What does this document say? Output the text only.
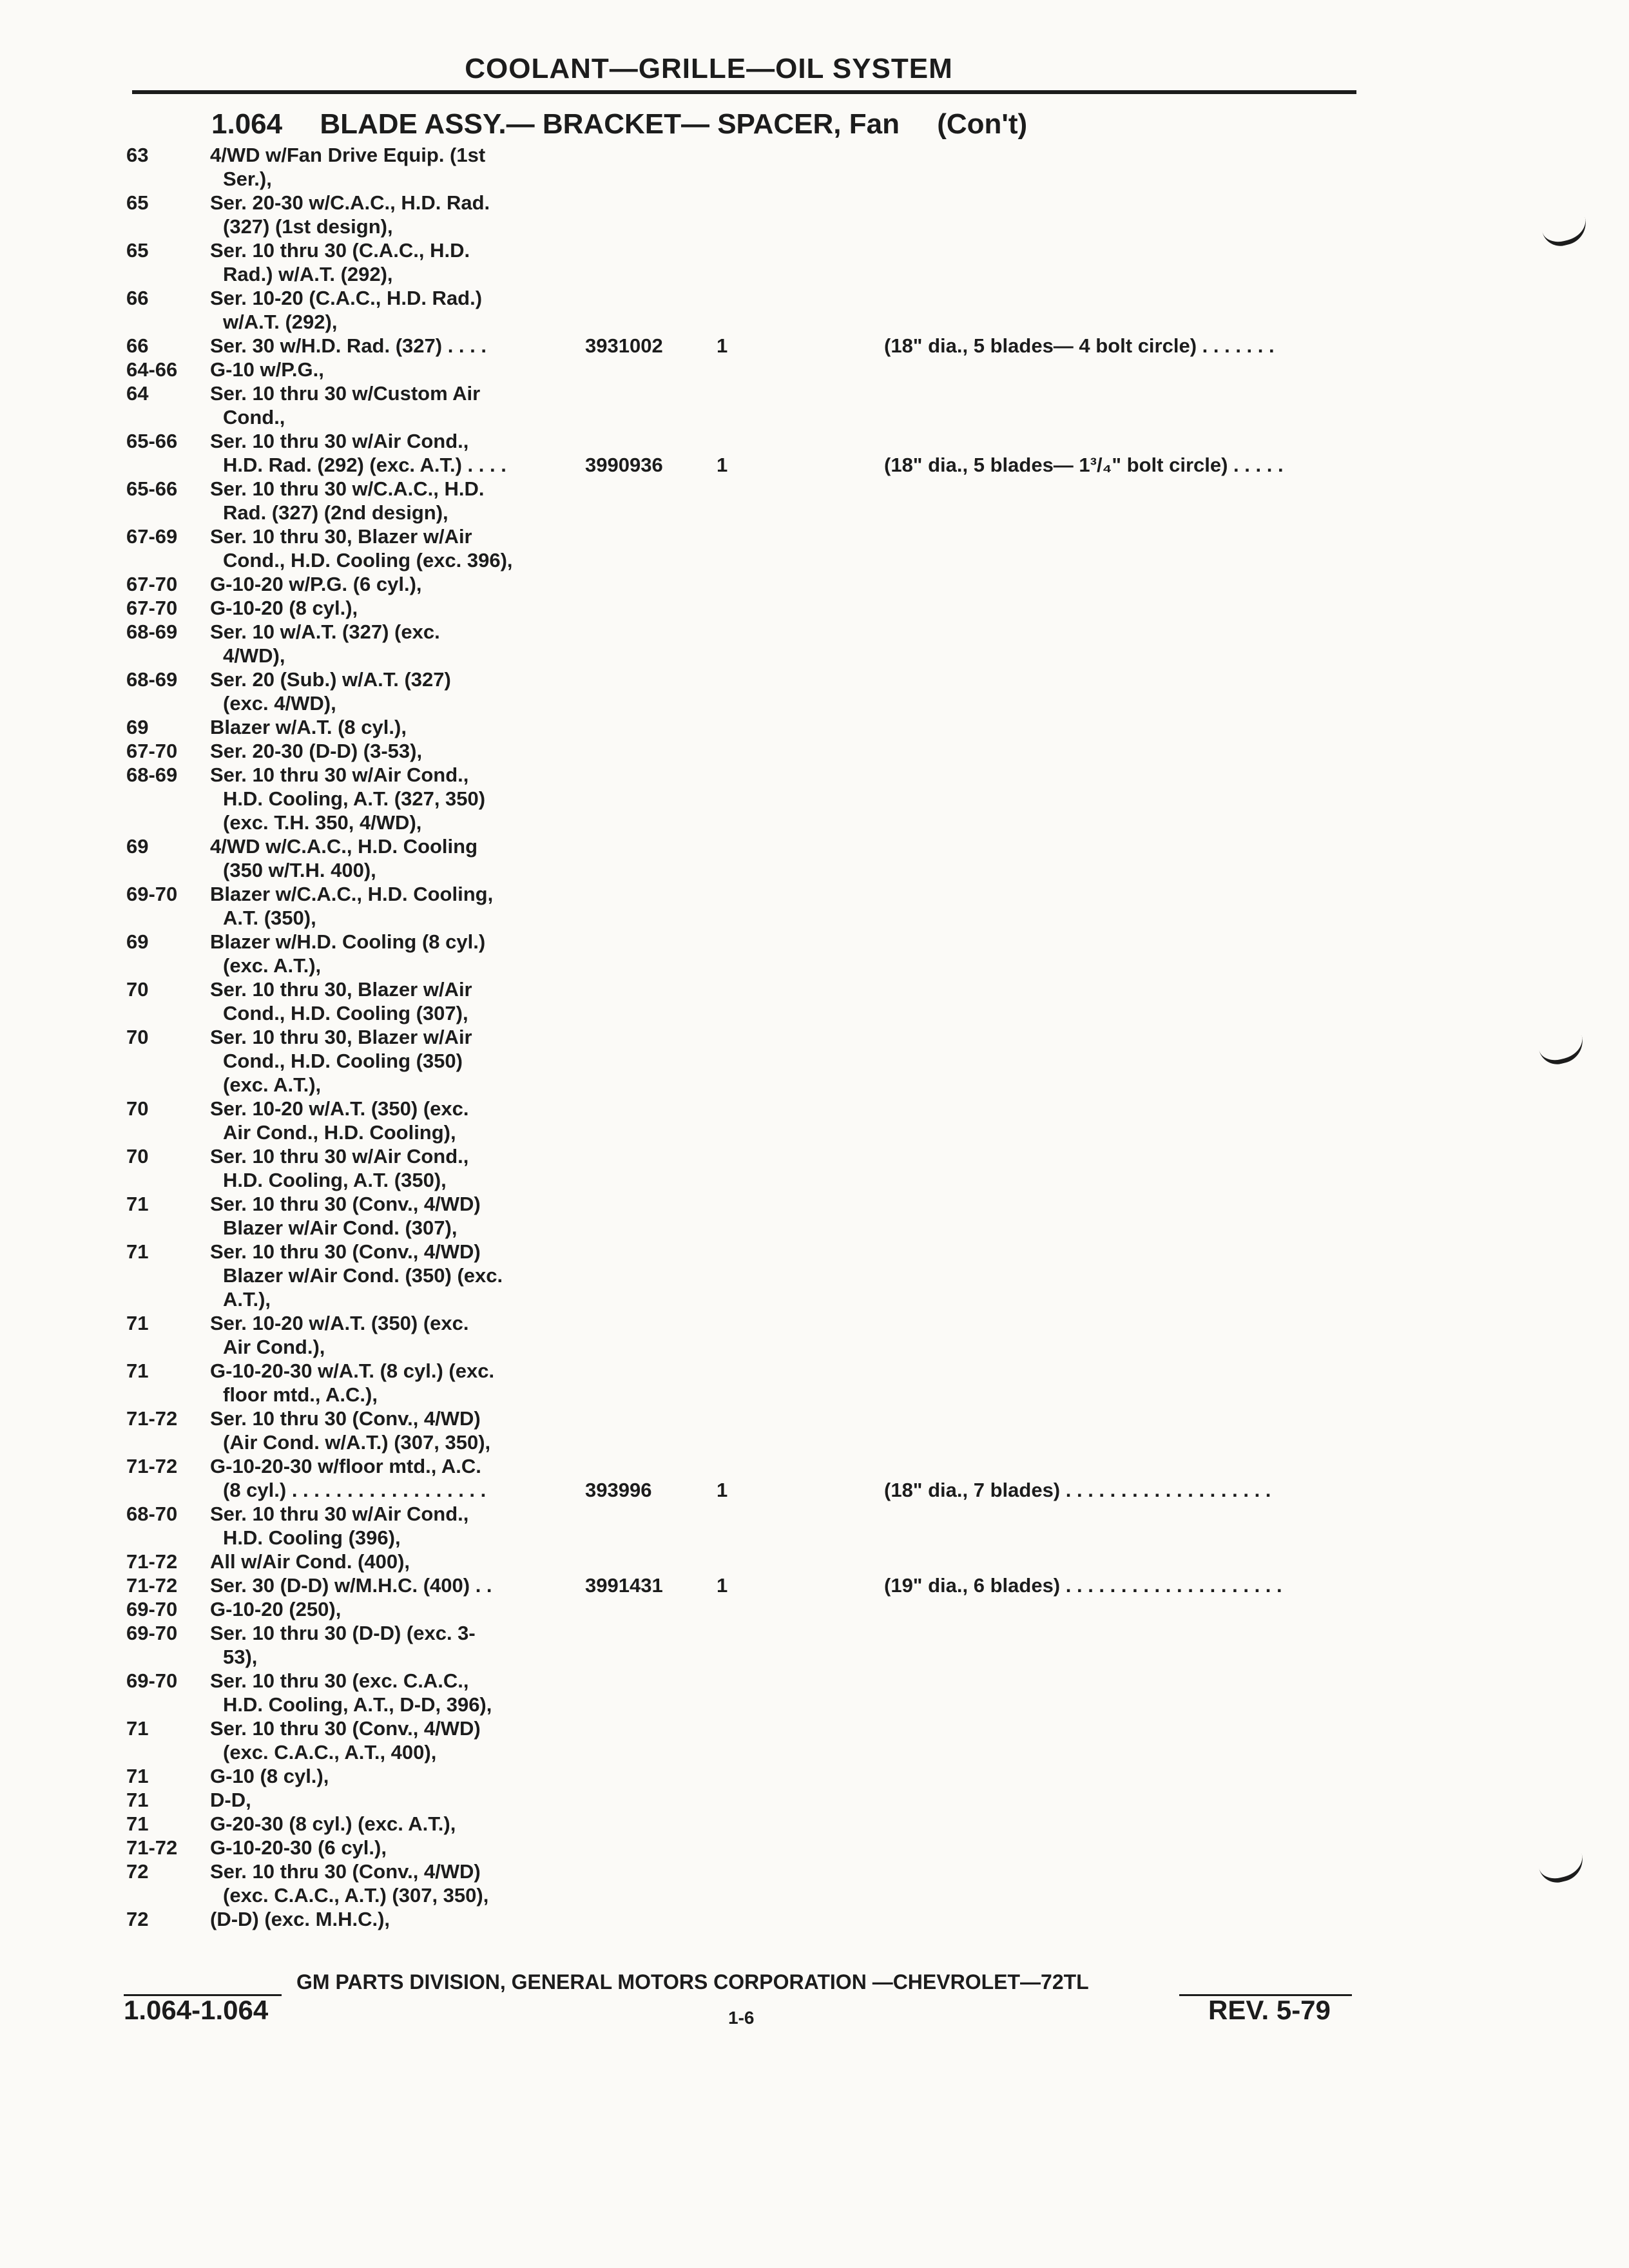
COOLANT—GRILLE—OIL SYSTEM
1.064 BLADE ASSY.— BRACKET— SPACER, Fan (Con't)
63	4/WD w/Fan Drive Equip. (1st
Ser.),
65	Ser. 20-30 w/C.A.C., H.D. Rad.
(327) (1st design),
65	Ser. 10 thru 30 (C.A.C., H.D.
Rad.) w/A.T. (292),
66	Ser. 10-20 (C.A.C., H.D. Rad.)
w/A.T. (292),
66	Ser. 30 w/H.D. Rad. (327) . . . .	3931002	1	(18" dia., 5 blades— 4 bolt circle) . . . . . . .
64-66	G-10 w/P.G.,
64	Ser. 10 thru 30 w/Custom Air
Cond.,
65-66	Ser. 10 thru 30 w/Air Cond.,
H.D. Rad. (292) (exc. A.T.) . . . .	3990936	1	(18" dia., 5 blades— 1³/₄" bolt circle) . . . . .
65-66	Ser. 10 thru 30 w/C.A.C., H.D.
Rad. (327) (2nd design),
67-69	Ser. 10 thru 30, Blazer w/Air
Cond., H.D. Cooling (exc. 396),
67-70	G-10-20 w/P.G. (6 cyl.),
67-70	G-10-20 (8 cyl.),
68-69	Ser. 10 w/A.T. (327) (exc.
4/WD),
68-69	Ser. 20 (Sub.) w/A.T. (327)
(exc. 4/WD),
69	Blazer w/A.T. (8 cyl.),
67-70	Ser. 20-30 (D-D) (3-53),
68-69	Ser. 10 thru 30 w/Air Cond.,
H.D. Cooling, A.T. (327, 350)
(exc. T.H. 350, 4/WD),
69	4/WD w/C.A.C., H.D. Cooling
(350 w/T.H. 400),
69-70	Blazer w/C.A.C., H.D. Cooling,
A.T. (350),
69	Blazer w/H.D. Cooling (8 cyl.)
(exc. A.T.),
70	Ser. 10 thru 30, Blazer w/Air
Cond., H.D. Cooling (307),
70	Ser. 10 thru 30, Blazer w/Air
Cond., H.D. Cooling (350)
(exc. A.T.),
70	Ser. 10-20 w/A.T. (350) (exc.
Air Cond., H.D. Cooling),
70	Ser. 10 thru 30 w/Air Cond.,
H.D. Cooling, A.T. (350),
71	Ser. 10 thru 30 (Conv., 4/WD)
Blazer w/Air Cond. (307),
71	Ser. 10 thru 30 (Conv., 4/WD)
Blazer w/Air Cond. (350) (exc.
A.T.),
71	Ser. 10-20 w/A.T. (350) (exc.
Air Cond.),
71	G-10-20-30 w/A.T. (8 cyl.) (exc.
floor mtd., A.C.),
71-72	Ser. 10 thru 30 (Conv., 4/WD)
(Air Cond. w/A.T.) (307, 350),
71-72	G-10-20-30 w/floor mtd., A.C.
(8 cyl.) . . . . . . . . . . . . . . . . . .	393996	1	(18" dia., 7 blades) . . . . . . . . . . . . . . . . . . .
68-70	Ser. 10 thru 30 w/Air Cond.,
H.D. Cooling (396),
71-72	All w/Air Cond. (400),
71-72	Ser. 30 (D-D) w/M.H.C. (400) . .	3991431	1	(19" dia., 6 blades) . . . . . . . . . . . . . . . . . . . .
69-70	G-10-20 (250),
69-70	Ser. 10 thru 30 (D-D) (exc. 3-
53),
69-70	Ser. 10 thru 30 (exc. C.A.C.,
H.D. Cooling, A.T., D-D, 396),
71	Ser. 10 thru 30 (Conv., 4/WD)
(exc. C.A.C., A.T., 400),
71	G-10 (8 cyl.),
71	D-D,
71	G-20-30 (8 cyl.) (exc. A.T.),
71-72	G-10-20-30 (6 cyl.),
72	Ser. 10 thru 30 (Conv., 4/WD)
(exc. C.A.C., A.T.) (307, 350),
72	(D-D) (exc. M.H.C.),
GM PARTS DIVISION, GENERAL MOTORS CORPORATION —CHEVROLET—72TL
1.064-1.064	1-6	REV. 5-79
